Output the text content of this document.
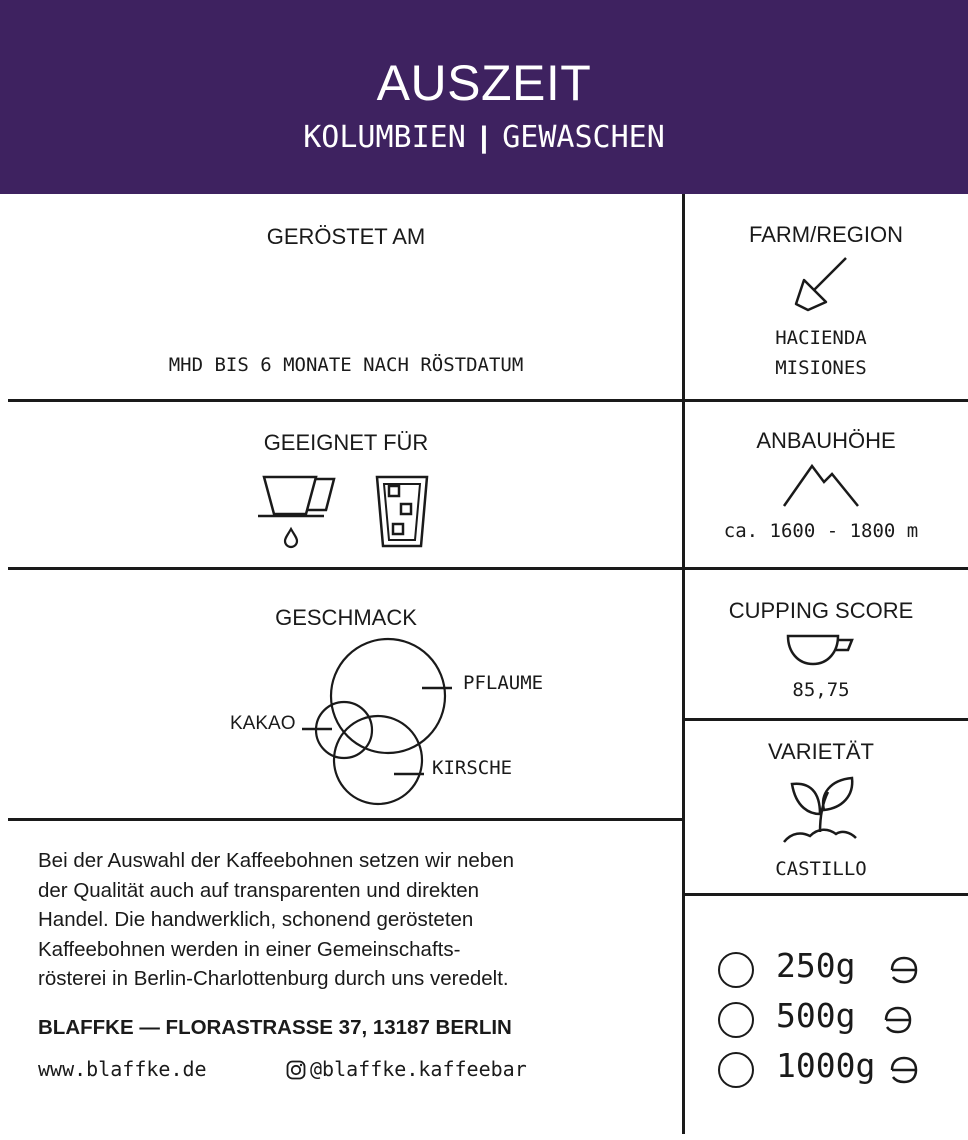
AUSZEIT
KOLUMBIEN | GEWASCHEN
GERÖSTET AM
MHD BIS 6 MONATE NACH RÖSTDATUM
GEEIGNET FÜR
GESCHMACK
PFLAUME
KAKAO
KIRSCHE
Bei der Auswahl der Kaffeebohnen setzen wir neben
der Qualität auch auf transparenten und direkten
Handel. Die handwerklich, schonend gerösteten
Kaffeebohnen werden in einer Gemeinschafts-
rösterei in Berlin-Charlottenburg durch uns veredelt.
BLAFFKE — FLORASTRASSE 37, 13187 BERLIN
www.blaffke.de	@blaffke.kaffeebar
FARM/REGION
HACIENDA
MISIONES
ANBAUHÖHE
ca. 1600 - 1800 m
CUPPING SCORE
85,75
VARIETÄT
CASTILLO
250g
500g
1000g
